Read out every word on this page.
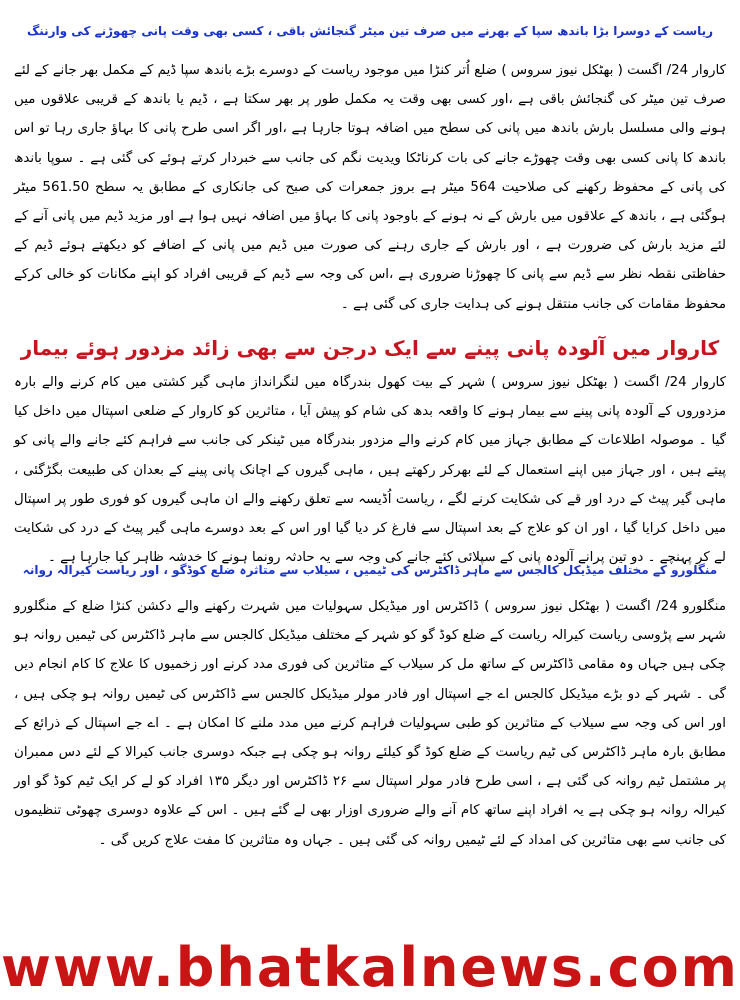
ریاست کے دوسرا بڑا باندھ سپا کے بھرنے میں صرف تین میٹر گنجائش باقی ، کسی بھی وقت پانی چھوڑنے کی وارننگ

کاروار 24/ اگست ( بھٹکل نیوز سروس ) ضلع اُتر کنڑا میں موجود ریاست کے دوسرے بڑے باندھ سپا ڈیم کے مکمل بھر جانے کے لئے صرف تین میٹر کی گنجائش باقی ہے ،اور کسی بھی وقت یہ مکمل طور پر بھر سکتا ہے ، ڈیم یا باندھ کے قریبی علاقوں میں ہونے والی مسلسل بارش باندھ میں پانی کی سطح میں اضافہ ہوتا جارہا ہے ،اور اگر اسی طرح پانی کا بہاؤ جاری رہا تو اس باندھ کا پانی کسی بھی وقت چھوڑے جانے کی بات کرناٹکا ویدیت نگم کی جانب سے خبردار کرتے ہوئے کی گئی ہے ۔ سوپا باندھ کی پانی کے محفوظ رکھنے کی صلاحیت 564 میٹر ہے بروز جمعرات کی صبح کی جانکاری کے مطابق یہ سطح 561.50 میٹر ہوگئی ہے ، باندھ کے علاقوں میں بارش کے نہ ہونے کے باوجود پانی کا بہاؤ میں اضافہ نہیں ہوا ہے اور مزید ڈیم میں پانی آنے کے لئے مزید بارش کی ضرورت ہے ، اور بارش کے جاری رہنے کی صورت میں ڈیم میں پانی کے اضافے کو دیکھتے ہوئے ڈیم کے حفاظتی نقطہ نظر سے ڈیم سے پانی کا چھوڑنا ضروری ہے ،اس کی وجہ سے ڈیم کے قریبی افراد کو اپنے مکانات کو خالی کرکے محفوظ مقامات کی جانب منتقل ہونے کی ہدایت جاری کی گئی ہے ۔

کاروار میں آلودہ پانی پینے سے ایک درجن سے بھی زائد مزدور ہوئے بیمار

کاروار 24/ اگست ( بھٹکل نیوز سروس ) شہر کے بیت کھول بندرگاہ میں لنگرانداز ماہی گیر کشتی میں کام کرنے والے بارہ مزدوروں کے آلودہ پانی پینے سے بیمار ہونے کا واقعہ بدھ کی شام کو پیش آیا ، متاثرین کو کاروار کے ضلعی اسپتال میں داخل کیا گیا ۔ موصولہ اطلاعات کے مطابق جہاز میں کام کرنے والے مزدور بندرگاہ میں ٹینکر کی جانب سے فراہم کئے جانے والے پانی کو پیتے ہیں ، اور جہاز میں اپنے استعمال کے لئے بھرکر رکھتے ہیں ، ماہی گیروں کے اچانک پانی پینے کے بعدان کی طبیعت بگڑگئی ، ماہی گیر پیٹ کے درد اور قے کی شکایت کرنے لگے ، ریاست اُڈیسہ سے تعلق رکھنے والے ان ماہی گیروں کو فوری طور پر اسپتال میں داخل کرایا گیا ، اور ان کو علاج کے بعد اسپتال سے فارغ کر دیا گیا اور اس کے بعد دوسرے ماہی گیر پیٹ کے درد کی شکایت لے کر پہنچے ۔ دو تین پرانے آلودہ پانی کے سپلائی کئے جانے کی وجہ سے یہ حادثہ رونما ہونے کا خدشہ ظاہر کیا جارہا ہے ۔

منگلورو کے مختلف میڈیکل کالجس سے ماہر ڈاکٹرس کی ٹیمیں ، سیلاب سے متاثرہ ضلع کوڈگو ، اور ریاست کیرالہ روانہ

منگلورو 24/ اگست ( بھٹکل نیوز سروس ) ڈاکٹرس اور میڈیکل سہولیات میں شہرت رکھنے والے دکشن کنڑا ضلع کے منگلورو شہر سے پڑوسی ریاست کیرالہ ریاست کے ضلع کوڈ گو کو شہر کے مختلف میڈیکل کالجس سے ماہر ڈاکٹرس کی ٹیمیں روانہ ہو چکی ہیں جہاں وہ مقامی ڈاکٹرس کے ساتھ مل کر سیلاب کے متاثرین کی فوری مدد کرنے اور زخمیوں کا علاج کا کام انجام دیں گی ۔ شہر کے دو بڑے میڈیکل کالجس اے جے اسپتال اور فادر مولر میڈیکل کالجس سے ڈاکٹرس کی ٹیمیں روانہ ہو چکی ہیں ، اور اس کی وجہ سے سیلاب کے متاثرین کو طبی سہولیات فراہم کرنے میں مدد ملنے کا امکان ہے ۔ اے جے اسپتال کے ذرائع کے مطابق بارہ ماہر ڈاکٹرس کی ٹیم ریاست کے ضلع کوڈ گو کیلئے روانہ ہو چکی ہے جبکہ دوسری جانب کیرالا کے لئے دس ممبران پر مشتمل ٹیم روانہ کی گئی ہے ، اسی طرح فادر مولر اسپتال سے ۲۶ ڈاکٹرس اور دیگر ۱۳۵ افراد کو لے کر ایک ٹیم کوڈ گو اور کیرالہ روانہ ہو چکی ہے یہ افراد اپنے ساتھ کام آنے والے ضروری اوزار بھی لے گئے ہیں ۔ اس کے علاوہ دوسری چھوٹی تنظیموں کی جانب سے بھی متاثرین کی امداد کے لئے ٹیمیں روانہ کی گئی ہیں ۔ جہاں وہ متاثرین کا مفت علاج کریں گی ۔

www.bhatkalnews.com
